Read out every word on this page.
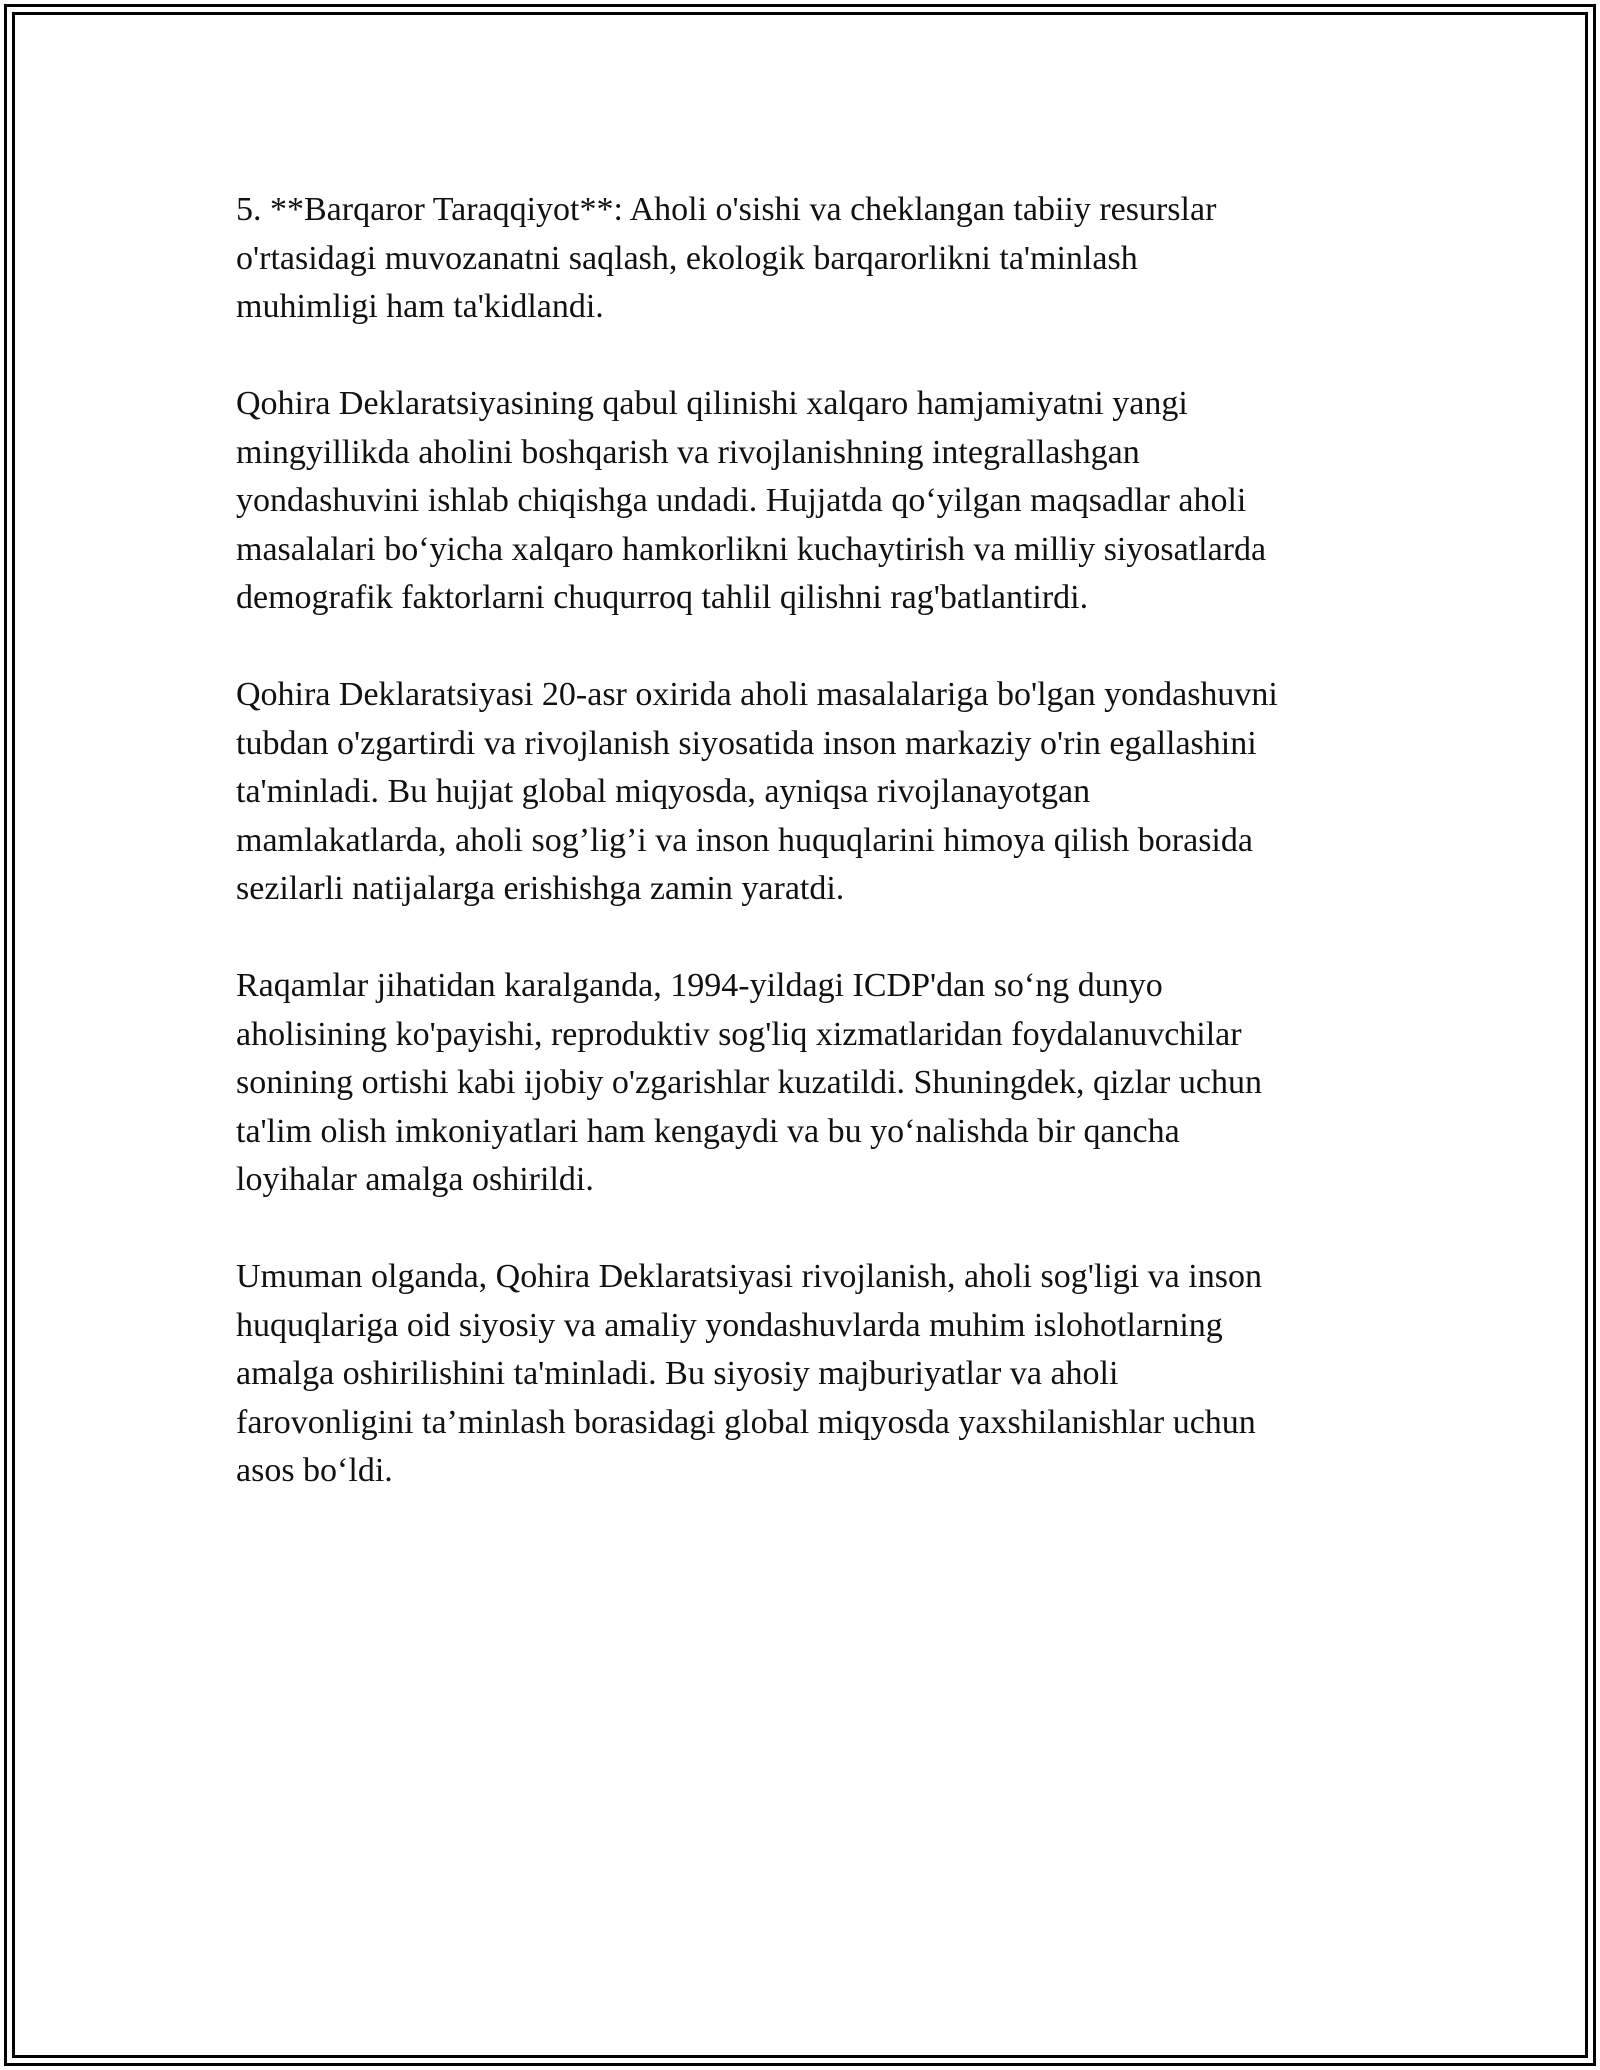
5. **Barqaror Taraqqiyot**: Aholi o'sishi va cheklangan tabiiy resurslar
o'rtasidagi muvozanatni saqlash, ekologik barqarorlikni ta'minlash
muhimligi ham ta'kidlandi.

Qohira Deklaratsiyasining qabul qilinishi xalqaro hamjamiyatni yangi
mingyillikda aholini boshqarish va rivojlanishning integrallashgan
yondashuvini ishlab chiqishga undadi. Hujjatda qo‘yilgan maqsadlar aholi
masalalari bo‘yicha xalqaro hamkorlikni kuchaytirish va milliy siyosatlarda
demografik faktorlarni chuqurroq tahlil qilishni rag'batlantirdi.

Qohira Deklaratsiyasi 20-asr oxirida aholi masalalariga bo'lgan yondashuvni
tubdan o'zgartirdi va rivojlanish siyosatida inson markaziy o'rin egallashini
ta'minladi. Bu hujjat global miqyosda, ayniqsa rivojlanayotgan
mamlakatlarda, aholi sog’lig’i va inson huquqlarini himoya qilish borasida
sezilarli natijalarga erishishga zamin yaratdi.

Raqamlar jihatidan karalganda, 1994-yildagi ICDP'dan so‘ng dunyo
aholisining ko'payishi, reproduktiv sog'liq xizmatlaridan foydalanuvchilar
sonining ortishi kabi ijobiy o'zgarishlar kuzatildi. Shuningdek, qizlar uchun
ta'lim olish imkoniyatlari ham kengaydi va bu yo‘nalishda bir qancha
loyihalar amalga oshirildi.

Umuman olganda, Qohira Deklaratsiyasi rivojlanish, aholi sog'ligi va inson
huquqlariga oid siyosiy va amaliy yondashuvlarda muhim islohotlarning
amalga oshirilishini ta'minladi. Bu siyosiy majburiyatlar va aholi
farovonligini ta’minlash borasidagi global miqyosda yaxshilanishlar uchun
asos bo‘ldi.
